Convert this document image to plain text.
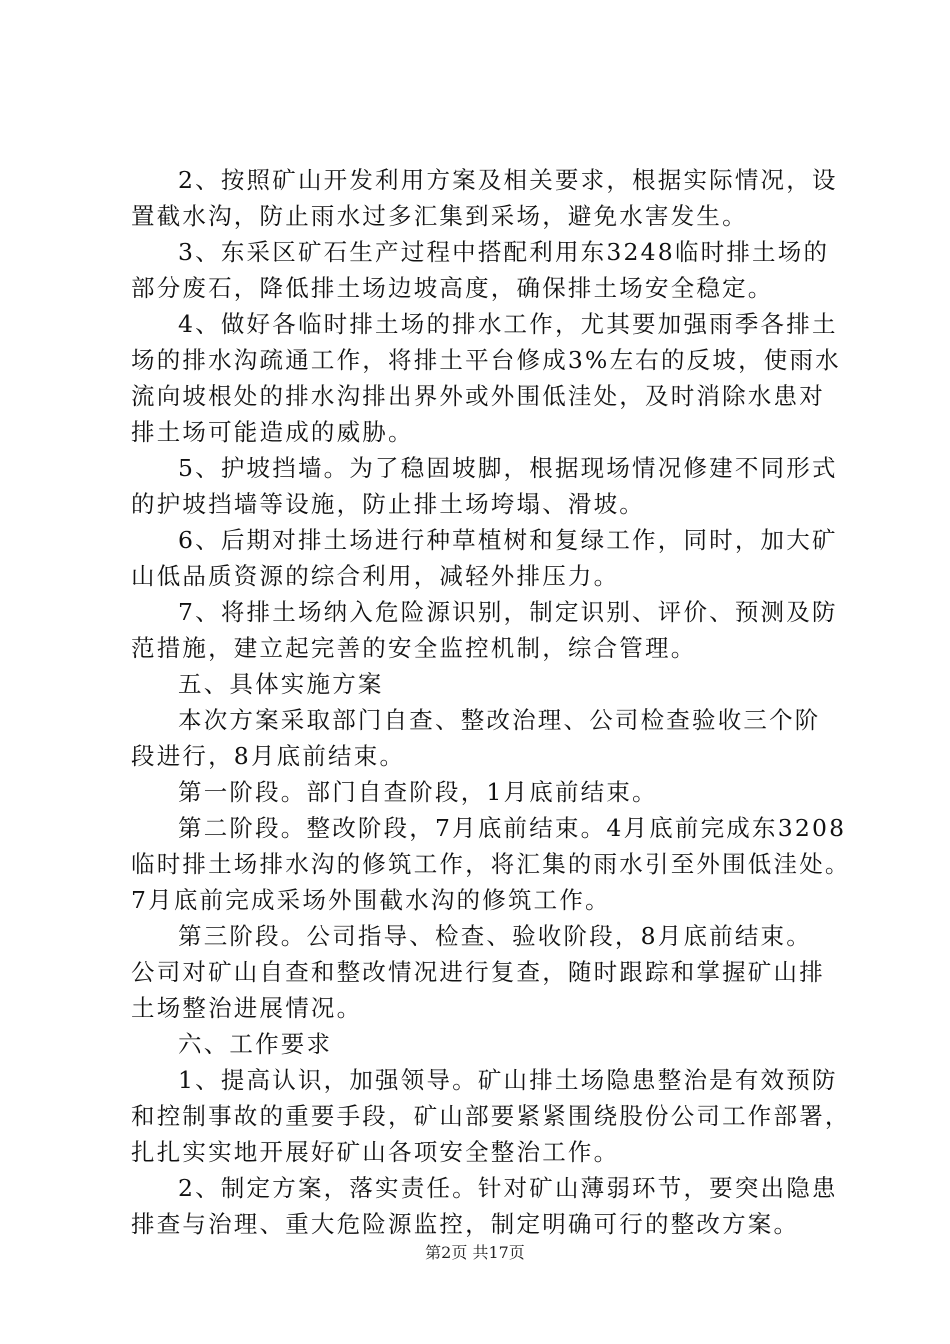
2、按照矿山开发利用方案及相关要求，根据实际情况，设
置截水沟，防止雨水过多汇集到采场，避免水害发生。
3、东采区矿石生产过程中搭配利用东3248临时排土场的
部分废石，降低排土场边坡高度，确保排土场安全稳定。
4、做好各临时排土场的排水工作，尤其要加强雨季各排土
场的排水沟疏通工作，将排土平台修成3%左右的反坡，使雨水
流向坡根处的排水沟排出界外或外围低洼处，及时消除水患对
排土场可能造成的威胁。
5、护坡挡墙。为了稳固坡脚，根据现场情况修建不同形式
的护坡挡墙等设施，防止排土场垮塌、滑坡。
6、后期对排土场进行种草植树和复绿工作，同时，加大矿
山低品质资源的综合利用，减轻外排压力。
7、将排土场纳入危险源识别，制定识别、评价、预测及防
范措施，建立起完善的安全监控机制，综合管理。
五、具体实施方案
本次方案采取部门自查、整改治理、公司检查验收三个阶
段进行，8月底前结束。
第一阶段。部门自查阶段，1月底前结束。
第二阶段。整改阶段，7月底前结束。4月底前完成东3208
临时排土场排水沟的修筑工作，将汇集的雨水引至外围低洼处。
7月底前完成采场外围截水沟的修筑工作。
第三阶段。公司指导、检查、验收阶段，8月底前结束。
公司对矿山自查和整改情况进行复查，随时跟踪和掌握矿山排
土场整治进展情况。
六、工作要求
1、提高认识，加强领导。矿山排土场隐患整治是有效预防
和控制事故的重要手段，矿山部要紧紧围绕股份公司工作部署，
扎扎实实地开展好矿山各项安全整治工作。
2、制定方案，落实责任。针对矿山薄弱环节，要突出隐患
排查与治理、重大危险源监控，制定明确可行的整改方案。
第2页 共17页
